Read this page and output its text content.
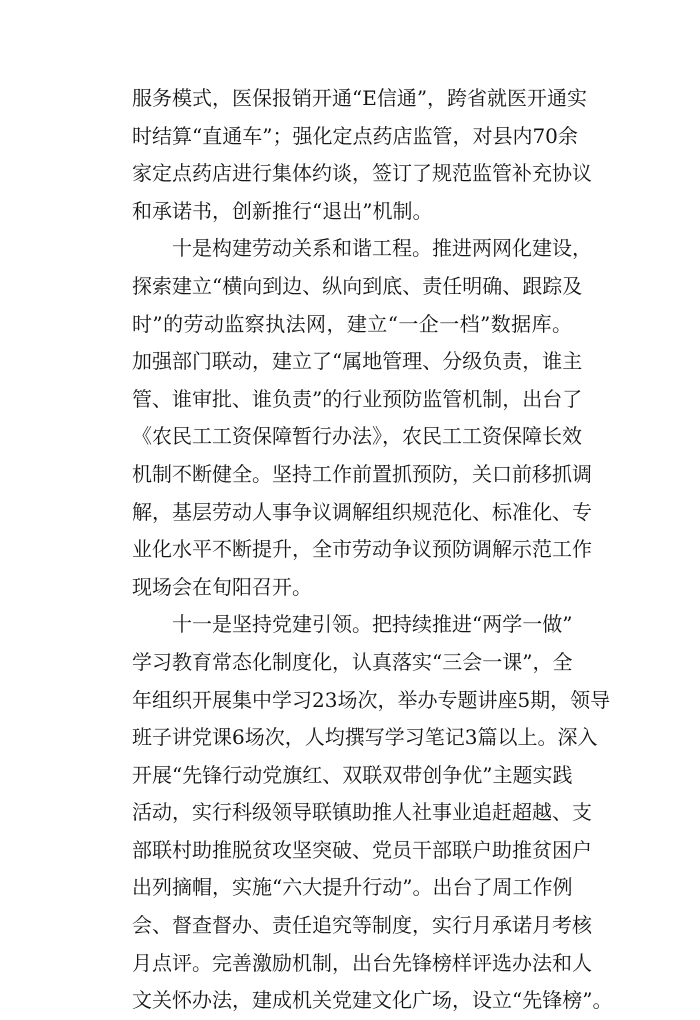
服务模式，医保报销开通“E信通”，跨省就医开通实
时结算“直通车”；强化定点药店监管，对县内70余
家定点药店进行集体约谈，签订了规范监管补充协议
和承诺书，创新推行“退出”机制。
十是构建劳动关系和谐工程。推进两网化建设，
探索建立“横向到边、纵向到底、责任明确、跟踪及
时”的劳动监察执法网，建立“一企一档”数据库。
加强部门联动，建立了“属地管理、分级负责，谁主
管、谁审批、谁负责”的行业预防监管机制，出台了
《农民工工资保障暂行办法》，农民工工资保障长效
机制不断健全。坚持工作前置抓预防，关口前移抓调
解，基层劳动人事争议调解组织规范化、标准化、专
业化水平不断提升，全市劳动争议预防调解示范工作
现场会在旬阳召开。
十一是坚持党建引领。把持续推进“两学一做”
学习教育常态化制度化，认真落实“三会一课”，全
年组织开展集中学习23场次，举办专题讲座5期，领导
班子讲党课6场次，人均撰写学习笔记3篇以上。深入
开展“先锋行动党旗红、双联双带创争优”主题实践
活动，实行科级领导联镇助推人社事业追赶超越、支
部联村助推脱贫攻坚突破、党员干部联户助推贫困户
出列摘帽，实施“六大提升行动”。出台了周工作例
会、督查督办、责任追究等制度，实行月承诺月考核
月点评。完善激励机制，出台先锋榜样评选办法和人
文关怀办法，建成机关党建文化广场，设立“先锋榜”。
